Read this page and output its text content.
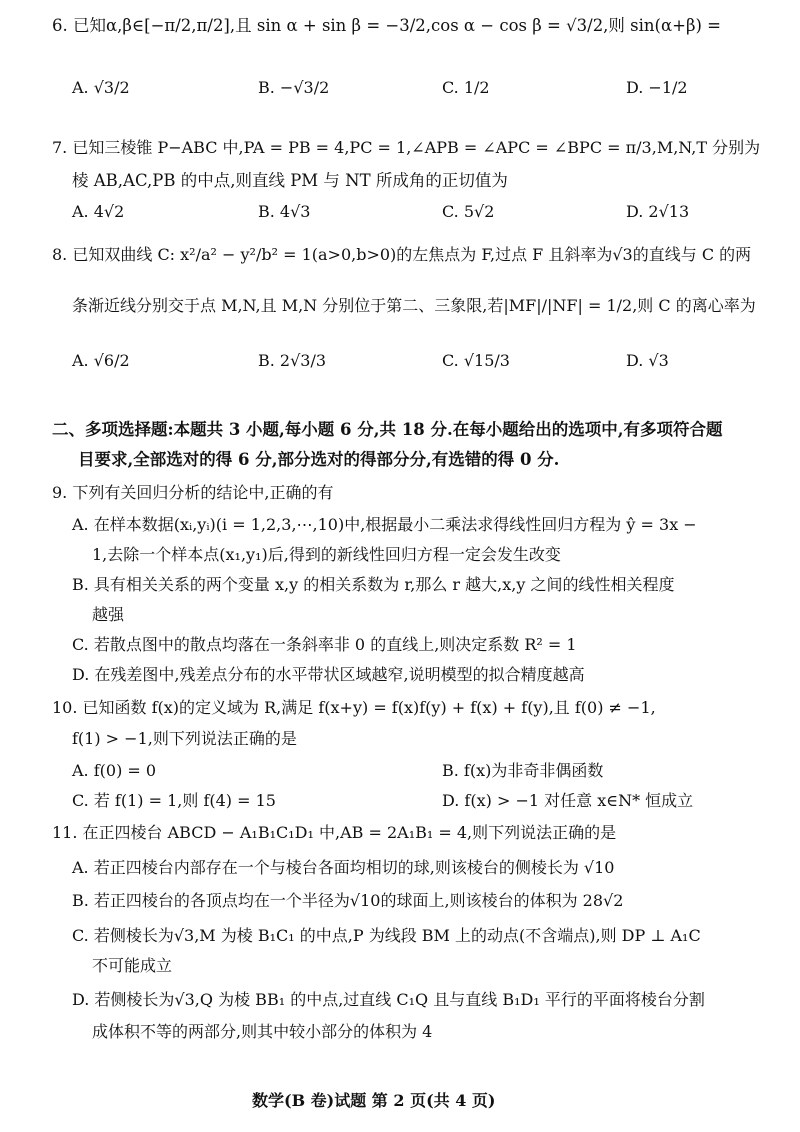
6. 已知α,β∈[−π/2,π/2],且 sin α + sin β = −3/2,cos α − cos β = √3/2,则 sin(α+β) =
A. √3/2	B. −√3/2	C. 1/2	D. −1/2
7. 已知三棱锥 P−ABC 中,PA = PB = 4,PC = 1,∠APB = ∠APC = ∠BPC = π/3,M,N,T 分别为
棱 AB,AC,PB 的中点,则直线 PM 与 NT 所成角的正切值为
A. 4√2	B. 4√3	C. 5√2	D. 2√13
8. 已知双曲线 C: x²/a² − y²/b² = 1(a>0,b>0)的左焦点为 F,过点 F 且斜率为√3的直线与 C 的两
条渐近线分别交于点 M,N,且 M,N 分别位于第二、三象限,若|MF|/|NF| = 1/2,则 C 的离心率为
A. √6/2	B. 2√3/3	C. √15/3	D. √3
二、多项选择题:本题共 3 小题,每小题 6 分,共 18 分.在每小题给出的选项中,有多项符合题
目要求,全部选对的得 6 分,部分选对的得部分分,有选错的得 0 分.
9. 下列有关回归分析的结论中,正确的有
A. 在样本数据(xᵢ,yᵢ)(i = 1,2,3,⋯,10)中,根据最小二乘法求得线性回归方程为 ŷ = 3x −
1,去除一个样本点(x₁,y₁)后,得到的新线性回归方程一定会发生改变
B. 具有相关关系的两个变量 x,y 的相关系数为 r,那么 r 越大,x,y 之间的线性相关程度
越强
C. 若散点图中的散点均落在一条斜率非 0 的直线上,则决定系数 R² = 1
D. 在残差图中,残差点分布的水平带状区域越窄,说明模型的拟合精度越高
10. 已知函数 f(x)的定义域为 R,满足 f(x+y) = f(x)f(y) + f(x) + f(y),且 f(0) ≠ −1,
f(1) > −1,则下列说法正确的是
A. f(0) = 0	B. f(x)为非奇非偶函数
C. 若 f(1) = 1,则 f(4) = 15	D. f(x) > −1 对任意 x∈N* 恒成立
11. 在正四棱台 ABCD − A₁B₁C₁D₁ 中,AB = 2A₁B₁ = 4,则下列说法正确的是
A. 若正四棱台内部存在一个与棱台各面均相切的球,则该棱台的侧棱长为 √10
B. 若正四棱台的各顶点均在一个半径为√10的球面上,则该棱台的体积为 28√2
C. 若侧棱长为√3,M 为棱 B₁C₁ 的中点,P 为线段 BM 上的动点(不含端点),则 DP ⊥ A₁C
不可能成立
D. 若侧棱长为√3,Q 为棱 BB₁ 的中点,过直线 C₁Q 且与直线 B₁D₁ 平行的平面将棱台分割
成体积不等的两部分,则其中较小部分的体积为 4
数学(B 卷)试题 第 2 页(共 4 页)
